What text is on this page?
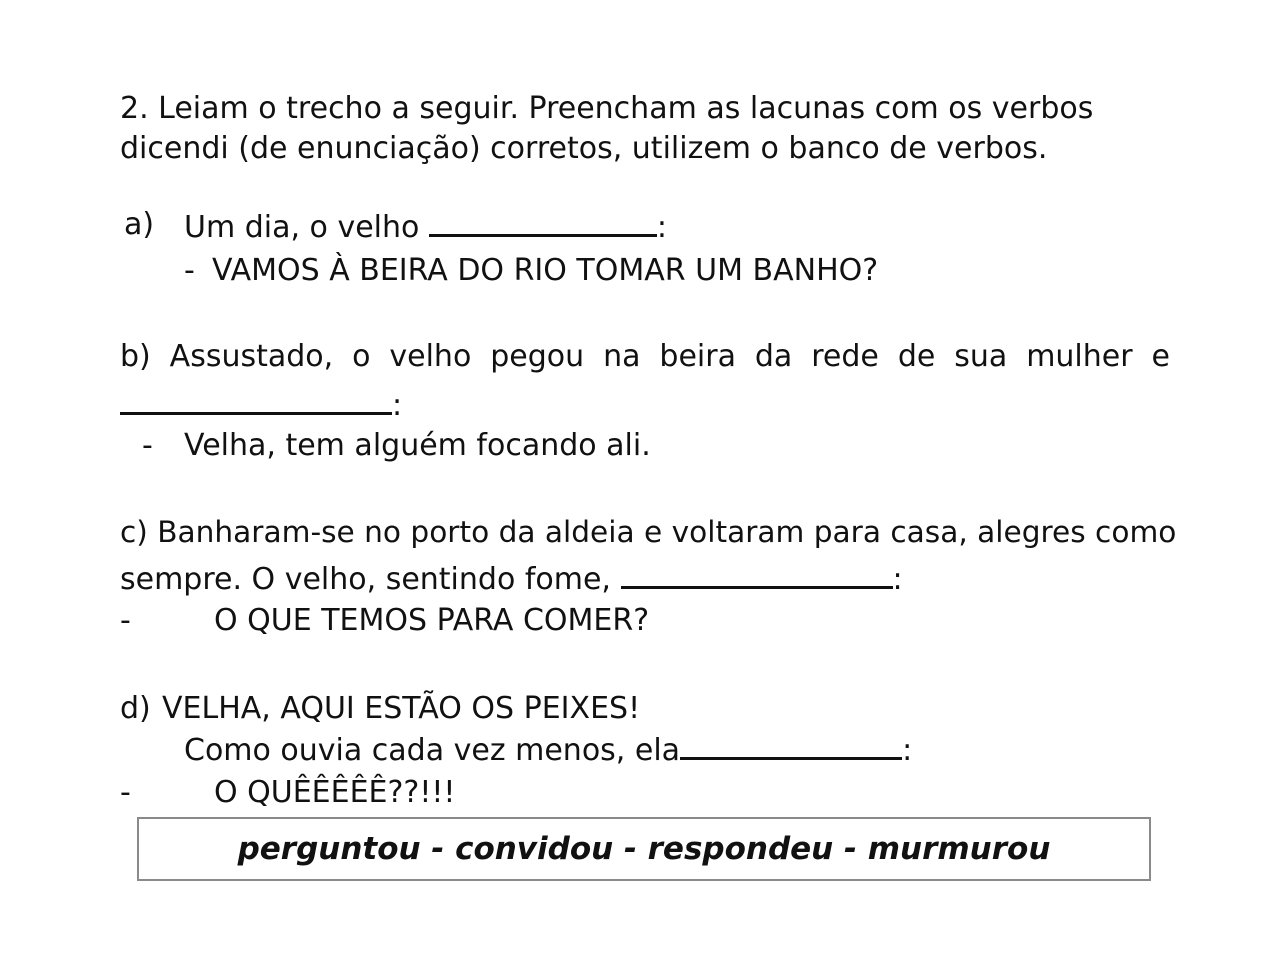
2. Leiam o trecho a seguir. Preencham as lacunas com os verbos
dicendi (de enunciação) corretos, utilizem o banco de verbos.
a) Um dia, o velho	:
- VAMOS À BEIRA DO RIO TOMAR UM BANHO?
b) Assustado, o velho pegou na beira da rede de sua mulher e
:
- Velha, tem alguém focando ali.
c) Banharam-se no porto da aldeia e voltaram para casa, alegres como
sempre. O velho, sentindo fome,	:
-	O QUE TEMOS PARA COMER?
d) VELHA, AQUI ESTÃO OS PEIXES!
Como ouvia cada vez menos, ela	:
-	O QUÊÊÊÊÊ??!!!
perguntou - convidou - respondeu - murmurou
